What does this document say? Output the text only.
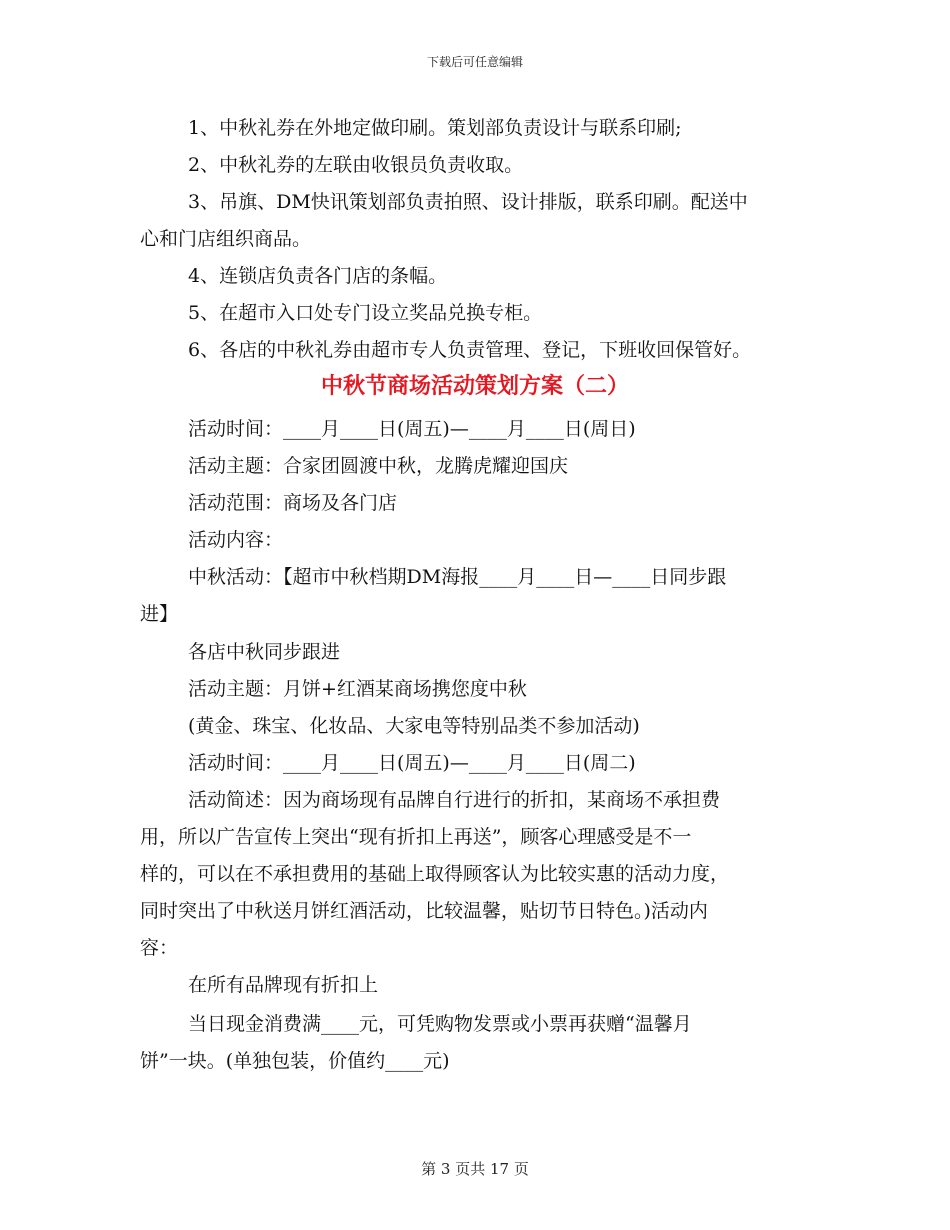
下载后可任意编辑
1、中秋礼券在外地定做印刷。策划部负责设计与联系印刷;
2、中秋礼券的左联由收银员负责收取。
3、吊旗、DM快讯策划部负责拍照、设计排版，联系印刷。配送中
心和门店组织商品。
4、连锁店负责各门店的条幅。
5、在超市入口处专门设立奖品兑换专柜。
6、各店的中秋礼券由超市专人负责管理、登记，下班收回保管好。
中秋节商场活动策划方案（二）
活动时间：____月____日(周五)—____月____日(周日)
活动主题：合家团圆渡中秋，龙腾虎耀迎国庆
活动范围：商场及各门店
活动内容：
中秋活动：【超市中秋档期DM海报____月____日—____日同步跟
进】
各店中秋同步跟进
活动主题：月饼+红酒某商场携您度中秋
(黄金、珠宝、化妆品、大家电等特别品类不参加活动)
活动时间：____月____日(周五)—____月____日(周二)
活动简述：因为商场现有品牌自行进行的折扣，某商场不承担费
用，所以广告宣传上突出“现有折扣上再送”，顾客心理感受是不一
样的，可以在不承担费用的基础上取得顾客认为比较实惠的活动力度，
同时突出了中秋送月饼红酒活动，比较温馨，贴切节日特色。)活动内
容：
在所有品牌现有折扣上
当日现金消费满____元，可凭购物发票或小票再获赠“温馨月
饼”一块。(单独包装，价值约____元)
第 3 页共 17 页
